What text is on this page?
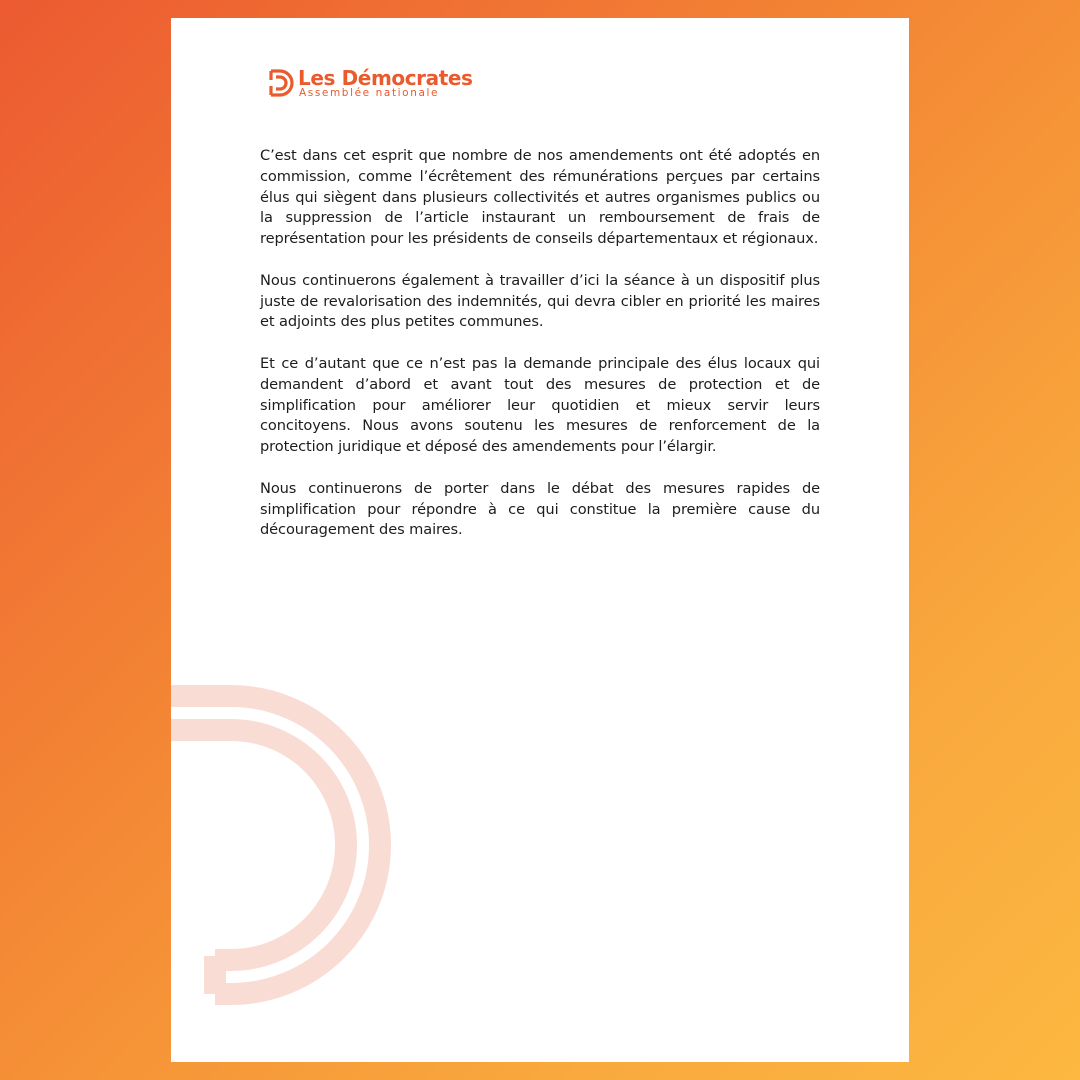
Les Démocrates
Assemblée nationale

C’est dans cet esprit que nombre de nos amendements ont été adoptés en commission, comme l’écrêtement des rémunérations perçues par certains élus qui siègent dans plusieurs collectivités et autres organismes publics ou la suppression de l’article instaurant un remboursement de frais de représentation pour les présidents de conseils départementaux et régionaux.

Nous continuerons également à travailler d’ici la séance à un dispositif plus juste de revalorisation des indemnités, qui devra cibler en priorité les maires et adjoints des plus petites communes.

Et ce d’autant que ce n’est pas la demande principale des élus locaux qui demandent d’abord et avant tout des mesures de protection et de simplification pour améliorer leur quotidien et mieux servir leurs concitoyens. Nous avons soutenu les mesures de renforcement de la protection juridique et déposé des amendements pour l’élargir.

Nous continuerons de porter dans le débat des mesures rapides de simplification pour répondre à ce qui constitue la première cause du découragement des maires.
